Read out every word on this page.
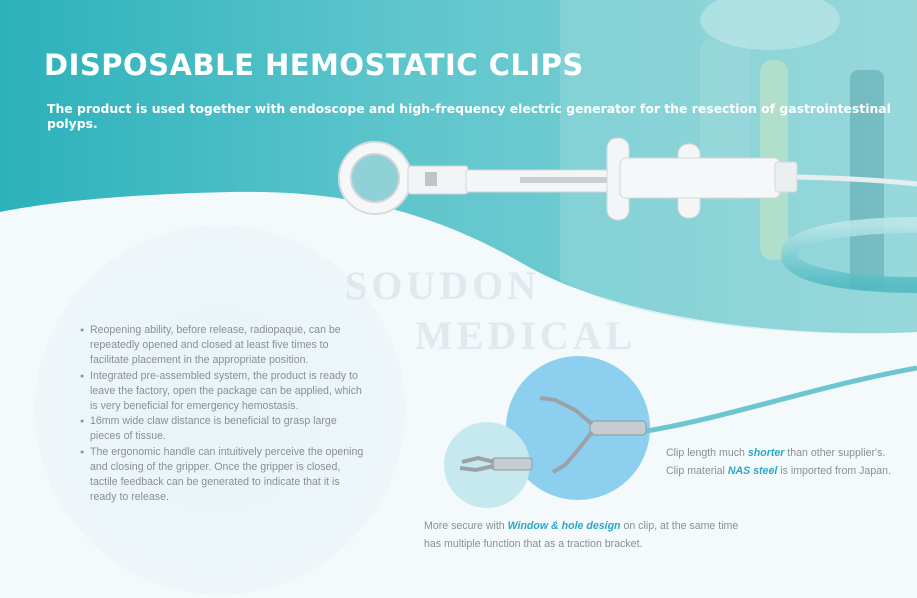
DISPOSABLE HEMOSTATIC CLIPS

The product is used together with endoscope and high-frequency electric generator for the resection of gastrointestinal polyps.

SOUDON
MEDICAL
● Reopening ability, before release, radiopaque, can be repeatedly opened and closed at least five times to facilitate placement in the appropriate position.
● Integrated pre-assembled system, the product is ready to leave the factory, open the package can be applied, which is very beneficial for emergency hemostasis.
● 16mm wide claw distance is beneficial to grasp large pieces of tissue.
● The ergonomic handle can intuitively perceive the opening and closing of the gripper. Once the gripper is closed, tactile feedback can be generated to indicate that it is ready to release.

Clip length much shorter than other supplier's.
Clip material NAS steel is imported from Japan.

More secure with Window & hole design on clip, at the same time has multiple function that as a traction bracket.
